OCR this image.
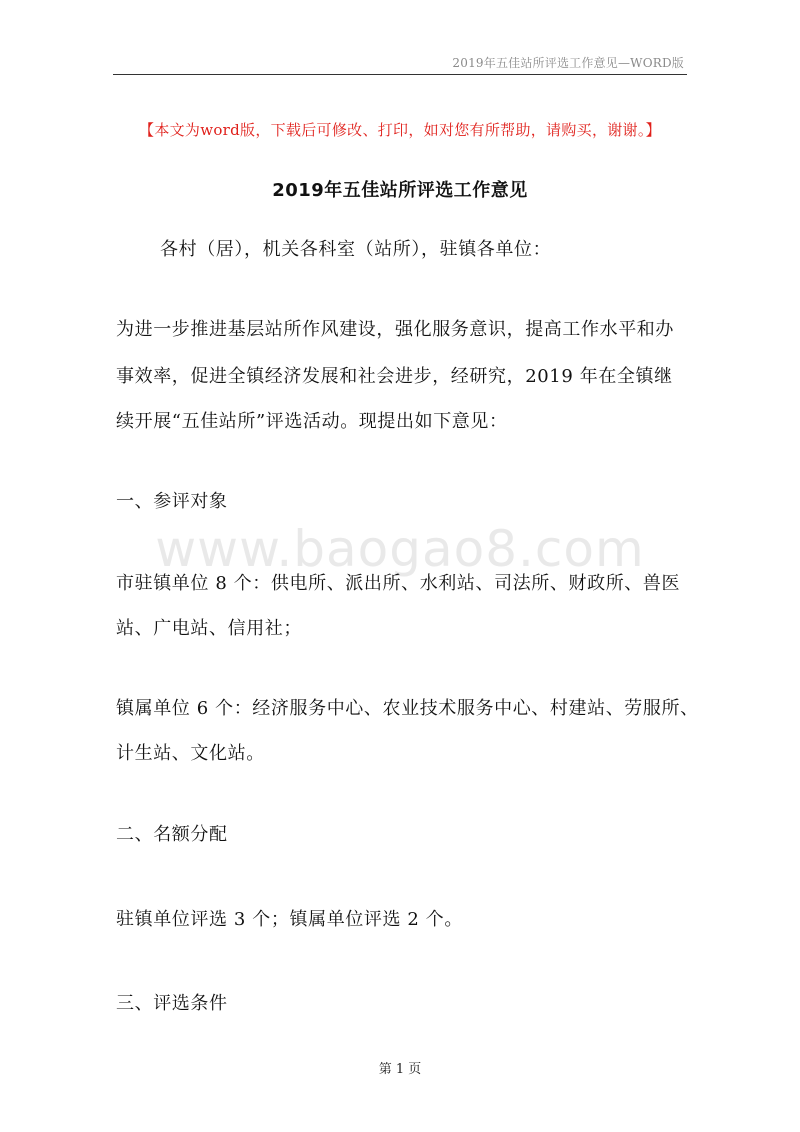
2019年五佳站所评选工作意见—WORD版
【本文为word版，下载后可修改、打印，如对您有所帮助，请购买，谢谢。】
2019年五佳站所评选工作意见
各村（居），机关各科室（站所），驻镇各单位：
为进一步推进基层站所作风建设，强化服务意识，提高工作水平和办
事效率，促进全镇经济发展和社会进步，经研究，2019 年在全镇继
续开展“五佳站所”评选活动。现提出如下意见：
一、参评对象
www.baogao8.com
市驻镇单位 8 个：供电所、派出所、水利站、司法所、财政所、兽医
站、广电站、信用社；
镇属单位 6 个：经济服务中心、农业技术服务中心、村建站、劳服所、
计生站、文化站。
二、名额分配
驻镇单位评选 3 个；镇属单位评选 2 个。
三、评选条件
第 1 页
